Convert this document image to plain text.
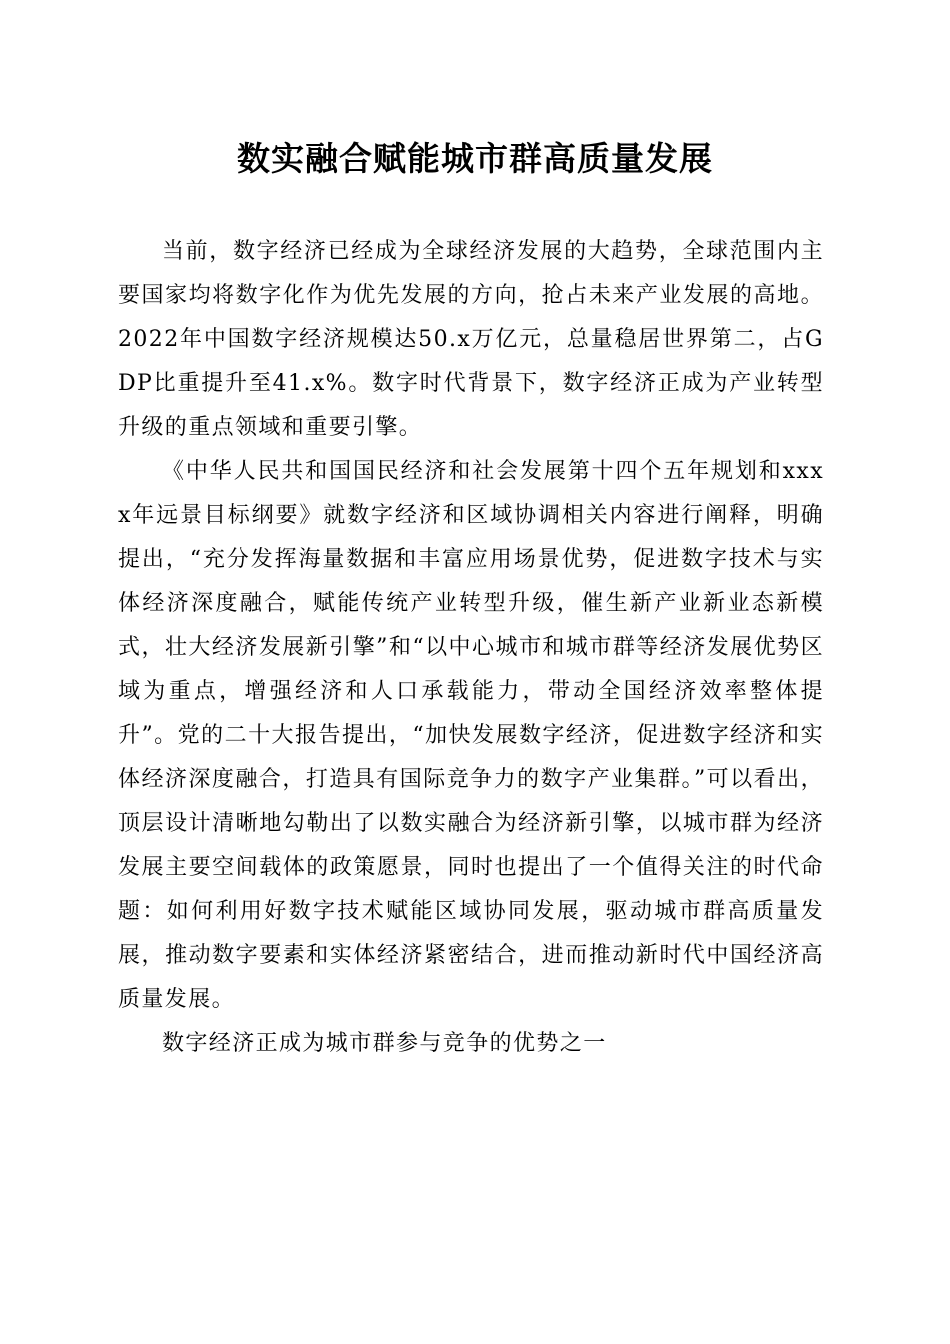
数实融合赋能城市群高质量发展

当前，数字经济已经成为全球经济发展的大趋势，全球范围内主要国家均将数字化作为优先发展的方向，抢占未来产业发展的高地。2022年中国数字经济规模达50.x万亿元，总量稳居世界第二，占GDP比重提升至41.x%。数字时代背景下，数字经济正成为产业转型升级的重点领域和重要引擎。

《中华人民共和国国民经济和社会发展第十四个五年规划和xxxx年远景目标纲要》就数字经济和区域协调相关内容进行阐释，明确提出，“充分发挥海量数据和丰富应用场景优势，促进数字技术与实体经济深度融合，赋能传统产业转型升级，催生新产业新业态新模式，壮大经济发展新引擎”和“以中心城市和城市群等经济发展优势区域为重点，增强经济和人口承载能力，带动全国经济效率整体提升”。党的二十大报告提出，“加快发展数字经济，促进数字经济和实体经济深度融合，打造具有国际竞争力的数字产业集群。”可以看出，顶层设计清晰地勾勒出了以数实融合为经济新引擎，以城市群为经济发展主要空间载体的政策愿景，同时也提出了一个值得关注的时代命题：如何利用好数字技术赋能区域协同发展，驱动城市群高质量发展，推动数字要素和实体经济紧密结合，进而推动新时代中国经济高质量发展。

数字经济正成为城市群参与竞争的优势之一
